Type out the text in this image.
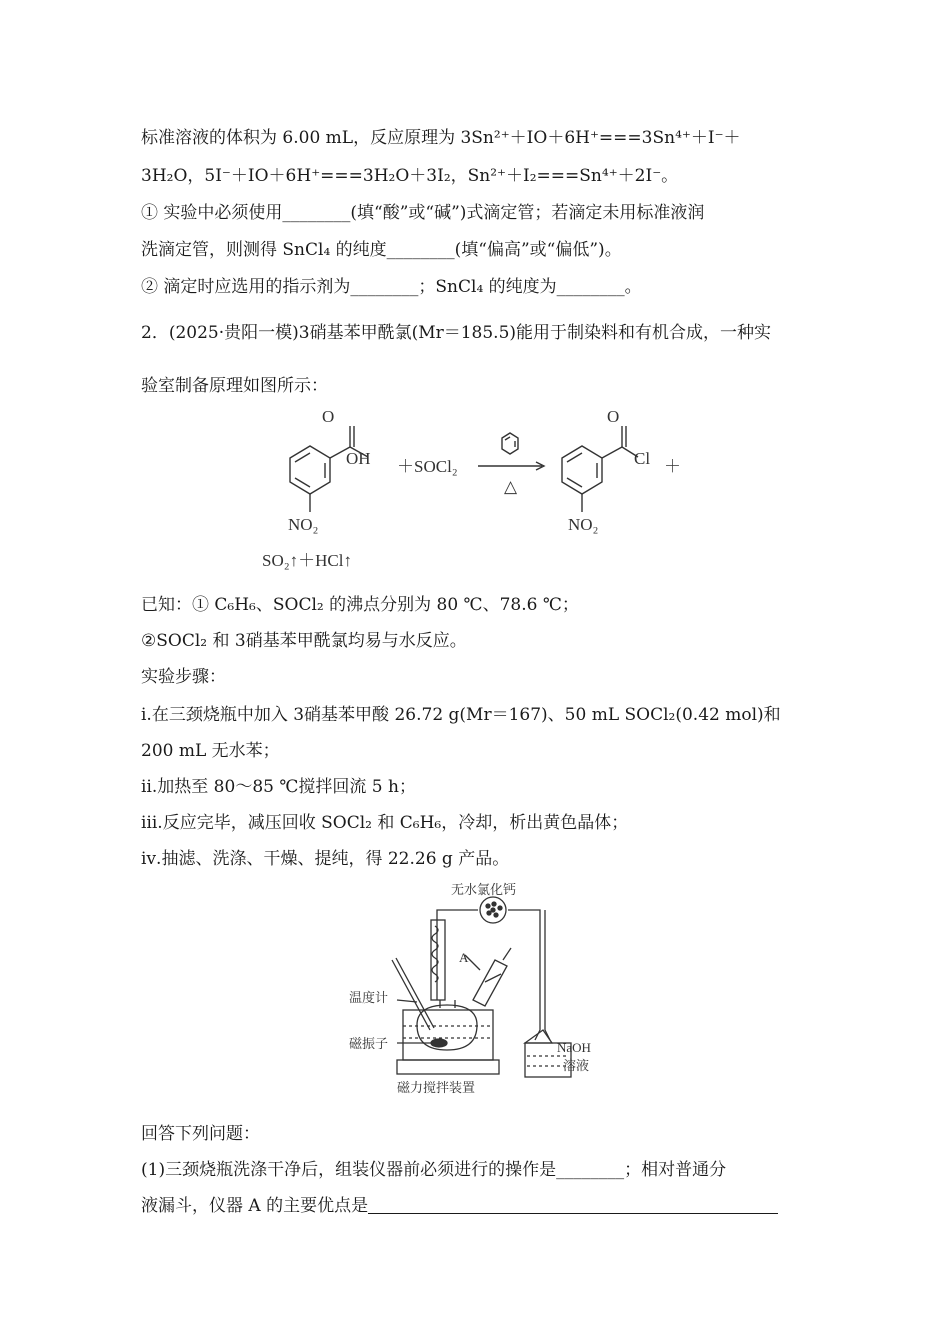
标准溶液的体积为 6.00 mL，反应原理为 3Sn²⁺＋IO＋6H⁺===3Sn⁴⁺＋I⁻＋
3H₂O，5I⁻＋IO＋6H⁺===3H₂O＋3I₂，Sn²⁺＋I₂===Sn⁴⁺＋2I⁻。
① 实验中必须使用________(填“酸”或“碱”)式滴定管；若滴定未用标准液润
洗滴定管，则测得 SnCl₄ 的纯度________(填“偏高”或“偏低”)。
② 滴定时应选用的指示剂为________；SnCl₄ 的纯度为________。
2．(2025·贵阳一模)3硝基苯甲酰氯(Mr＝185.5)能用于制染料和有机合成，一种实
验室制备原理如图所示：
O
OH
NO₂
＋SOCl₂
△
O
Cl
NO₂
＋
SO₂↑＋HCl↑
已知：① C₆H₆、SOCl₂ 的沸点分别为 80 ℃、78.6 ℃；
②SOCl₂ 和 3硝基苯甲酰氯均易与水反应。
实验步骤：
ⅰ.在三颈烧瓶中加入 3硝基苯甲酸 26.72 g(Mr＝167)、50 mL SOCl₂(0.42 mol)和
200 mL 无水苯；
ⅱ.加热至 80～85 ℃搅拌回流 5 h；
ⅲ.反应完毕，减压回收 SOCl₂ 和 C₆H₆，冷却，析出黄色晶体；
ⅳ.抽滤、洗涤、干燥、提纯，得 22.26 g 产品。
无水氯化钙
A
温度计
磁振子	NaOH
溶液
磁力搅拌装置
回答下列问题：
(1)三颈烧瓶洗涤干净后，组装仪器前必须进行的操作是________；相对普通分
液漏斗，仪器 A 的主要优点是
